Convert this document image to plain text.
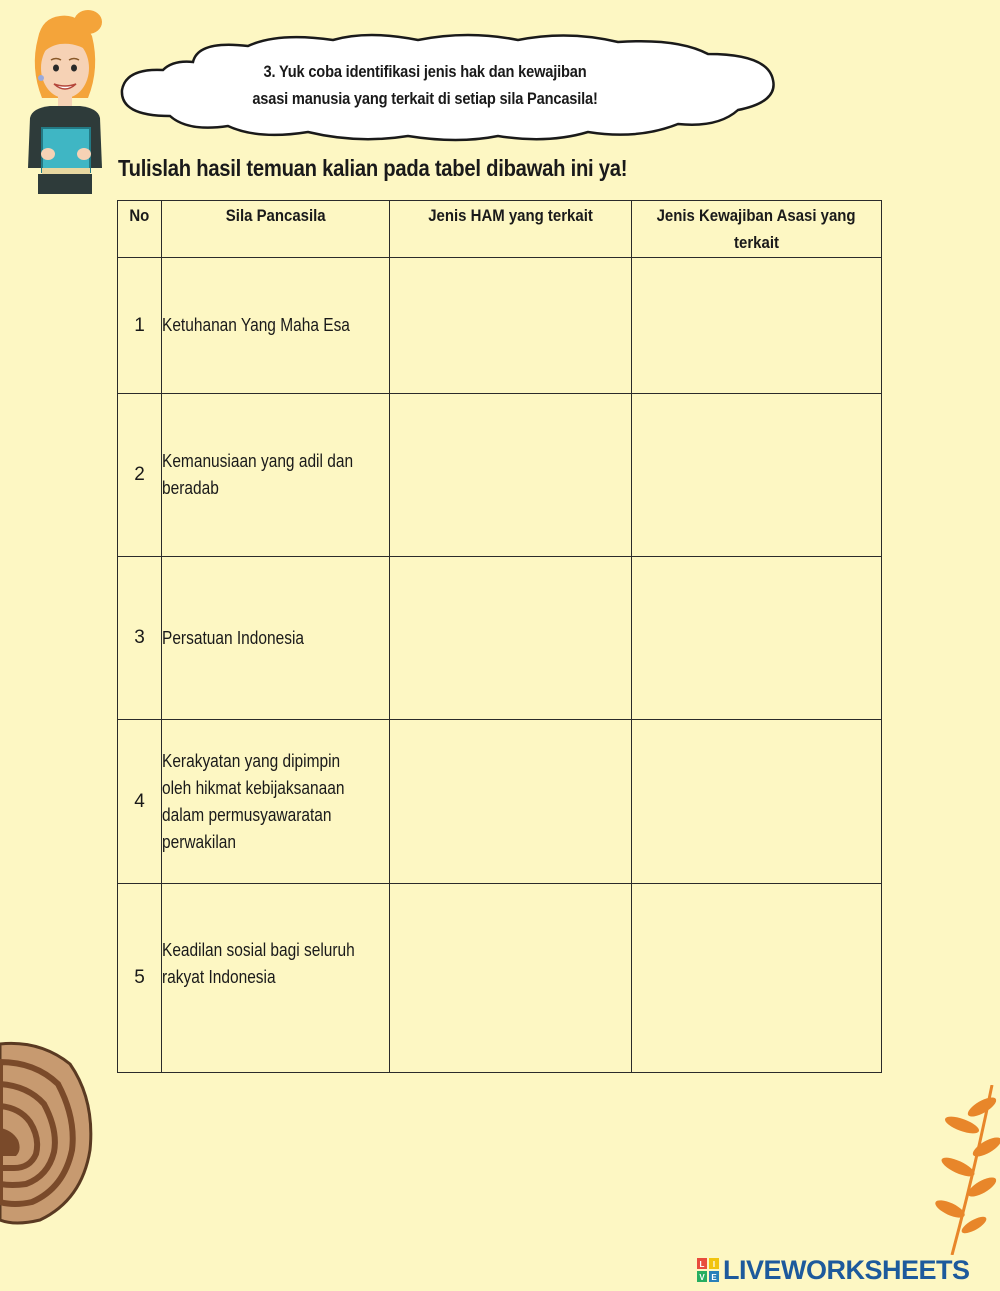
3. Yuk coba identifikasi jenis hak dan kewajiban
asasi manusia yang terkait di setiap sila Pancasila!
Tulislah hasil temuan kalian pada tabel dibawah ini ya!
No	Sila Pancasila	Jenis HAM yang terkait	Jenis Kewajiban Asasi yang
terkait
1	Ketuhanan Yang Maha Esa		

2	Kemanusiaan yang adil dan beradab		

3	Persatuan Indonesia		

4	Kerakyatan yang dipimpin oleh hikmat kebijaksanaan dalam permusyawaratan perwakilan		

5	Keadilan sosial bagi seluruh rakyat Indonesia		

L I
V E LIVEWORKSHEETS
